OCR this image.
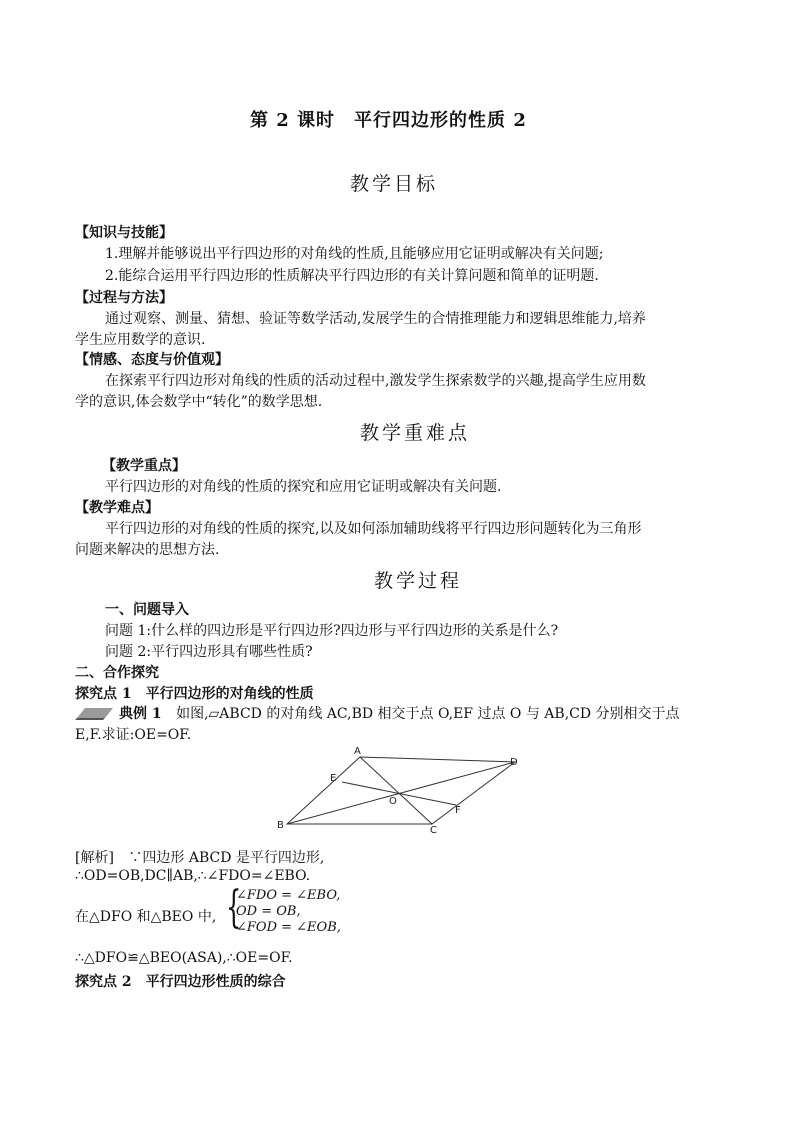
第 2 课时　平行四边形的性质 2
教学目标
【知识与技能】
1.理解并能够说出平行四边形的对角线的性质,且能够应用它证明或解决有关问题;
2.能综合运用平行四边形的性质解决平行四边形的有关计算问题和简单的证明题.
【过程与方法】
通过观察、测量、猜想、验证等数学活动,发展学生的合情推理能力和逻辑思维能力,培养
学生应用数学的意识.
【情感、态度与价值观】
在探索平行四边形对角线的性质的活动过程中,激发学生探索数学的兴趣,提高学生应用数
学的意识,体会数学中“转化”的数学思想.
教学重难点
【教学重点】
平行四边形的对角线的性质的探究和应用它证明或解决有关问题.
【教学难点】
平行四边形的对角线的性质的探究,以及如何添加辅助线将平行四边形问题转化为三角形
问题来解决的思想方法.
教学过程
一、问题导入
问题 1:什么样的四边形是平行四边形?四边形与平行四边形的关系是什么?
问题 2:平行四边形具有哪些性质?
二、合作探究
探究点 1　平行四边形的对角线的性质
典例 1 如图,▱ABCD 的对角线 AC,BD 相交于点 O,EF 过点 O 与 AB,CD 分别相交于点
E,F.求证:OE=OF.
A
D
E
O
F
B	C
[解析] ∵四边形 ABCD 是平行四边形,
∴OD=OB,DC∥AB,∴∠FDO=∠EBO.
在△DFO 和△BEO 中, {
∠FDO = ∠EBO,
OD = OB,
∠FOD = ∠EOB,
∴△DFO≌△BEO(ASA),∴OE=OF.
探究点 2　平行四边形性质的综合
